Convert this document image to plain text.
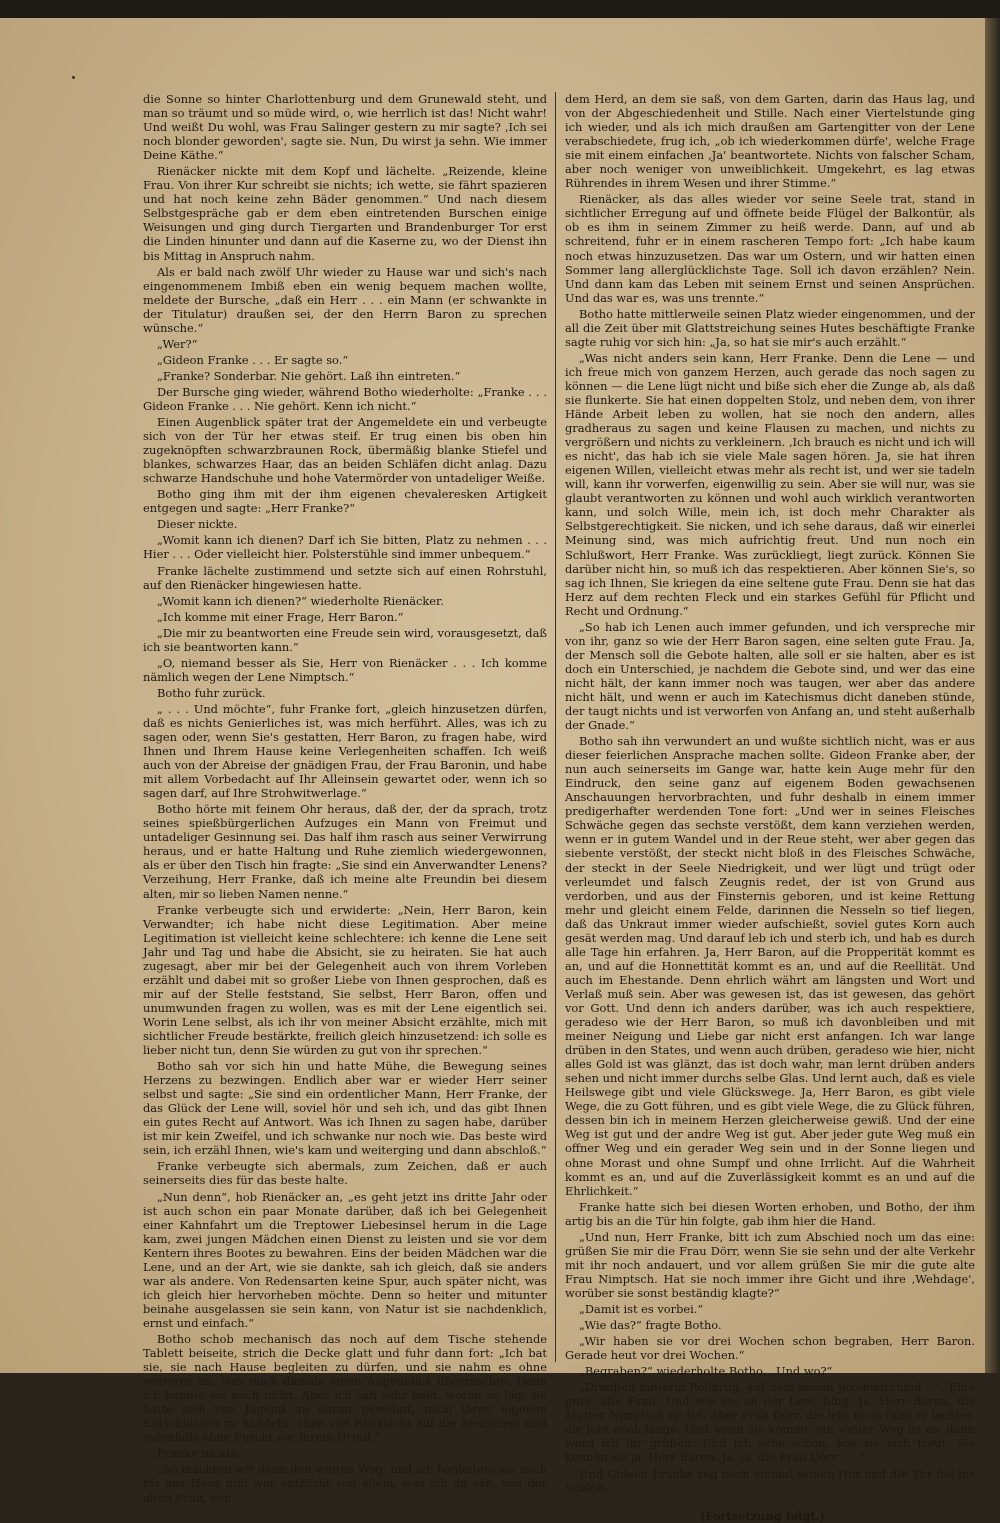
die Sonne so hinter Charlottenburg und dem Grunewald steht, und man so träumt und so müde wird, o, wie herrlich ist das! Nicht wahr! Und weißt Du wohl, was Frau Salinger gestern zu mir sagte? ‚Ich sei noch blonder geworden', sagte sie. Nun, Du wirst ja sehn. Wie immer Deine Käthe.“

Rienäcker nickte mit dem Kopf und lächelte. „Reizende, kleine Frau. Von ihrer Kur schreibt sie nichts; ich wette, sie fährt spazieren und hat noch keine zehn Bäder genommen.“ Und nach diesem Selbstgespräche gab er dem eben eintretenden Burschen einige Weisungen und ging durch Tiergarten und Brandenburger Tor erst die Linden hinunter und dann auf die Kaserne zu, wo der Dienst ihn bis Mittag in Anspruch nahm.

Als er bald nach zwölf Uhr wieder zu Hause war und sich's nach eingenommenem Imbiß eben ein wenig bequem machen wollte, meldete der Bursche, „daß ein Herr . . . ein Mann (er schwankte in der Titulatur) draußen sei, der den Herrn Baron zu sprechen wünsche.“

„Wer?“

„Gideon Franke . . . Er sagte so.“

„Franke? Sonderbar. Nie gehört. Laß ihn eintreten.“

Der Bursche ging wieder, während Botho wiederholte: „Franke . . . Gideon Franke . . . Nie gehört. Kenn ich nicht.“

Einen Augenblick später trat der Angemeldete ein und verbeugte sich von der Tür her etwas steif. Er trug einen bis oben hin zugeknöpften schwarzbraunen Rock, übermäßig blanke Stiefel und blankes, schwarzes Haar, das an beiden Schläfen dicht anlag. Dazu schwarze Handschuhe und hohe Vatermörder von untadeliger Weiße.

Botho ging ihm mit der ihm eigenen chevaleresken Artigkeit entgegen und sagte: „Herr Franke?“

Dieser nickte.

„Womit kann ich dienen? Darf ich Sie bitten, Platz zu nehmen . . . Hier . . . Oder vielleicht hier. Polsterstühle sind immer unbequem.“

Franke lächelte zustimmend und setzte sich auf einen Rohrstuhl, auf den Rienäcker hingewiesen hatte.

„Womit kann ich dienen?“ wiederholte Rienäcker.

„Ich komme mit einer Frage, Herr Baron.“

„Die mir zu beantworten eine Freude sein wird, vorausgesetzt, daß ich sie beantworten kann.“

„O, niemand besser als Sie, Herr von Rienäcker . . . Ich komme nämlich wegen der Lene Nimptsch.“

Botho fuhr zurück.

„ . . . Und möchte“, fuhr Franke fort, „gleich hinzusetzen dürfen, daß es nichts Genierliches ist, was mich herführt. Alles, was ich zu sagen oder, wenn Sie's gestatten, Herr Baron, zu fragen habe, wird Ihnen und Ihrem Hause keine Verlegenheiten schaffen. Ich weiß auch von der Abreise der gnädigen Frau, der Frau Baronin, und habe mit allem Vorbedacht auf Ihr Alleinsein gewartet oder, wenn ich so sagen darf, auf Ihre Strohwitwerlage.“

Botho hörte mit feinem Ohr heraus, daß der, der da sprach, trotz seines spießbürgerlichen Aufzuges ein Mann von Freimut und untadeliger Gesinnung sei. Das half ihm rasch aus seiner Verwirrung heraus, und er hatte Haltung und Ruhe ziemlich wiedergewonnen, als er über den Tisch hin fragte: „Sie sind ein Anverwandter Lenens? Verzeihung, Herr Franke, daß ich meine alte Freundin bei diesem alten, mir so lieben Namen nenne.“

Franke verbeugte sich und erwiderte: „Nein, Herr Baron, kein Verwandter; ich habe nicht diese Legitimation. Aber meine Legitimation ist vielleicht keine schlechtere: ich kenne die Lene seit Jahr und Tag und habe die Absicht, sie zu heiraten. Sie hat auch zugesagt, aber mir bei der Gelegenheit auch von ihrem Vorleben erzählt und dabei mit so großer Liebe von Ihnen gesprochen, daß es mir auf der Stelle feststand, Sie selbst, Herr Baron, offen und unumwunden fragen zu wollen, was es mit der Lene eigentlich sei. Worin Lene selbst, als ich ihr von meiner Absicht erzählte, mich mit sichtlicher Freude bestärkte, freilich gleich hinzusetzend: ich solle es lieber nicht tun, denn Sie würden zu gut von ihr sprechen.“

Botho sah vor sich hin und hatte Mühe, die Bewegung seines Herzens zu bezwingen. Endlich aber war er wieder Herr seiner selbst und sagte: „Sie sind ein ordentlicher Mann, Herr Franke, der das Glück der Lene will, soviel hör und seh ich, und das gibt Ihnen ein gutes Recht auf Antwort. Was ich Ihnen zu sagen habe, darüber ist mir kein Zweifel, und ich schwanke nur noch wie. Das beste wird sein, ich erzähl Ihnen, wie's kam und weiterging und dann abschloß.“

Franke verbeugte sich abermals, zum Zeichen, daß er auch seinerseits dies für das beste halte.

„Nun denn“, hob Rienäcker an, „es geht jetzt ins dritte Jahr oder ist auch schon ein paar Monate darüber, daß ich bei Gelegenheit einer Kahnfahrt um die Treptower Liebesinsel herum in die Lage kam, zwei jungen Mädchen einen Dienst zu leisten und sie vor dem Kentern ihres Bootes zu bewahren. Eins der beiden Mädchen war die Lene, und an der Art, wie sie dankte, sah ich gleich, daß sie anders war als andere. Von Redensarten keine Spur, auch später nicht, was ich gleich hier hervorheben möchte. Denn so heiter und mitunter beinahe ausgelassen sie sein kann, von Natur ist sie nachdenklich, ernst und einfach.“

Botho schob mechanisch das noch auf dem Tische stehende Tablett beiseite, strich die Decke glatt und fuhr dann fort: „Ich bat sie, sie nach Hause begleiten zu dürfen, und sie nahm es ohne weiteres an, was mich damals einen Augenblick überraschte. Denn ich kannte sie noch nicht. Aber ich sah sehr bald, woran es lag; sie hatte sich von Jugend an daran gewöhnt, nach ihren eigenen Entschlüssen zu handeln, ohne viel Rücksicht auf die Menschen und jedenfalls ohne Furcht vor ihrem Urteil.“

Franke nickte.

„So machten wir denn den weiten Weg, und ich begleitete sie noch bis ans Haus und war entzückt von allem, was ich da sah, von der alten Frau, von

dem Herd, an dem sie saß, von dem Garten, darin das Haus lag, und von der Abgeschiedenheit und Stille. Nach einer Viertelstunde ging ich wieder, und als ich mich draußen am Gartengitter von der Lene verabschiedete, frug ich, „ob ich wiederkommen dürfe', welche Frage sie mit einem einfachen ‚Ja' beantwortete. Nichts von falscher Scham, aber noch weniger von unweiblichkeit. Umgekehrt, es lag etwas Rührendes in ihrem Wesen und ihrer Stimme.“

Rienäcker, als das alles wieder vor seine Seele trat, stand in sichtlicher Erregung auf und öffnete beide Flügel der Balkontür, als ob es ihm in seinem Zimmer zu heiß werde. Dann, auf und ab schreitend, fuhr er in einem rascheren Tempo fort: „Ich habe kaum noch etwas hinzuzusetzen. Das war um Ostern, und wir hatten einen Sommer lang allerglücklichste Tage. Soll ich davon erzählen? Nein. Und dann kam das Leben mit seinem Ernst und seinen Ansprüchen. Und das war es, was uns trennte.“

Botho hatte mittlerweile seinen Platz wieder eingenommen, und der all die Zeit über mit Glattstreichung seines Hutes beschäftigte Franke sagte ruhig vor sich hin: „Ja, so hat sie mir's auch erzählt.“

„Was nicht anders sein kann, Herr Franke. Denn die Lene — und ich freue mich von ganzem Herzen, auch gerade das noch sagen zu können — die Lene lügt nicht und biße sich eher die Zunge ab, als daß sie flunkerte. Sie hat einen doppelten Stolz, und neben dem, von ihrer Hände Arbeit leben zu wollen, hat sie noch den andern, alles gradheraus zu sagen und keine Flausen zu machen, und nichts zu vergrößern und nichts zu verkleinern. ‚Ich brauch es nicht und ich will es nicht', das hab ich sie viele Male sagen hören. Ja, sie hat ihren eigenen Willen, vielleicht etwas mehr als recht ist, und wer sie tadeln will, kann ihr vorwerfen, eigenwillig zu sein. Aber sie will nur, was sie glaubt verantworten zu können und wohl auch wirklich verantworten kann, und solch Wille, mein ich, ist doch mehr Charakter als Selbstgerechtigkeit. Sie nicken, und ich sehe daraus, daß wir einerlei Meinung sind, was mich aufrichtig freut. Und nun noch ein Schlußwort, Herr Franke. Was zurückliegt, liegt zurück. Können Sie darüber nicht hin, so muß ich das respektieren. Aber können Sie's, so sag ich Ihnen, Sie kriegen da eine seltene gute Frau. Denn sie hat das Herz auf dem rechten Fleck und ein starkes Gefühl für Pflicht und Recht und Ordnung.“

„So hab ich Lenen auch immer gefunden, und ich verspreche mir von ihr, ganz so wie der Herr Baron sagen, eine selten gute Frau. Ja, der Mensch soll die Gebote halten, alle soll er sie halten, aber es ist doch ein Unterschied, je nachdem die Gebote sind, und wer das eine nicht hält, der kann immer noch was taugen, wer aber das andere nicht hält, und wenn er auch im Katechismus dicht daneben stünde, der taugt nichts und ist verworfen von Anfang an, und steht außerhalb der Gnade.“

Botho sah ihn verwundert an und wußte sichtlich nicht, was er aus dieser feierlichen Ansprache machen sollte. Gideon Franke aber, der nun auch seinerseits im Gange war, hatte kein Auge mehr für den Eindruck, den seine ganz auf eigenem Boden gewachsenen Anschauungen hervorbrachten, und fuhr deshalb in einem immer predigerhafter werdenden Tone fort: „Und wer in seines Fleisches Schwäche gegen das sechste verstößt, dem kann verziehen werden, wenn er in gutem Wandel und in der Reue steht, wer aber gegen das siebente verstößt, der steckt nicht bloß in des Fleisches Schwäche, der steckt in der Seele Niedrigkeit, und wer lügt und trügt oder verleumdet und falsch Zeugnis redet, der ist von Grund aus verdorben, und aus der Finsternis geboren, und ist keine Rettung mehr und gleicht einem Felde, darinnen die Nesseln so tief liegen, daß das Unkraut immer wieder aufschießt, soviel gutes Korn auch gesät werden mag. Und darauf leb ich und sterb ich, und hab es durch alle Tage hin erfahren. Ja, Herr Baron, auf die Propperität kommt es an, und auf die Honnettität kommt es an, und auf die Reellität. Und auch im Ehestande. Denn ehrlich währt am längsten und Wort und Verlaß muß sein. Aber was gewesen ist, das ist gewesen, das gehört vor Gott. Und denn ich anders darüber, was ich auch respektiere, geradeso wie der Herr Baron, so muß ich davonbleiben und mit meiner Neigung und Liebe gar nicht erst anfangen. Ich war lange drüben in den States, und wenn auch drüben, geradeso wie hier, nicht alles Gold ist was glänzt, das ist doch wahr, man lernt drüben anders sehen und nicht immer durchs selbe Glas. Und lernt auch, daß es viele Heilswege gibt und viele Glückswege. Ja, Herr Baron, es gibt viele Wege, die zu Gott führen, und es gibt viele Wege, die zu Glück führen, dessen bin ich in meinem Herzen gleicherweise gewiß. Und der eine Weg ist gut und der andre Weg ist gut. Aber jeder gute Weg muß ein offner Weg und ein gerader Weg sein und in der Sonne liegen und ohne Morast und ohne Sumpf und ohne Irrlicht. Auf die Wahrheit kommt es an, und auf die Zuverlässigkeit kommt es an und auf die Ehrlichkeit.“

Franke hatte sich bei diesen Worten erhoben, und Botho, der ihm artig bis an die Tür hin folgte, gab ihm hier die Hand.

„Und nun, Herr Franke, bitt ich zum Abschied noch um das eine: grüßen Sie mir die Frau Dörr, wenn Sie sie sehn und der alte Verkehr mit ihr noch andauert, und vor allem grüßen Sie mir die gute alte Frau Nimptsch. Hat sie noch immer ihre Gicht und ihre ‚Wehdage', worüber sie sonst beständig klagte?“

„Damit ist es vorbei.“

„Wie das?“ fragte Botho.

„Wir haben sie vor drei Wochen schon begraben, Herr Baron. Gerade heut vor drei Wochen.“

„Begraben?“ wiederholte Botho, „Und wo?“

„Draußen hinterm Rollkrug, auf dem neuen Jakobikirchhof . . . Eine gute, alte Frau. Und wie sie an der Lene hing. Ja, Herr Baron, die Mutter Nimptsch ist tot. Aber Frau Dörr, die lebt noch (und er lachte), die lebt noch lange. Und wenn sie kommt, ein weiter Weg ist es, dann werd ich ihr grüßen. Und ich sehe schon, wie sie sich freut. Sie kennen sie ja, Herr Baron. Ja, ja, die Frau Dörr . . .“

Und Gideon Franke zog noch einmal seinen Hut und die Tür fiel ins Schloß.

(Fortsetzung folgt.)
